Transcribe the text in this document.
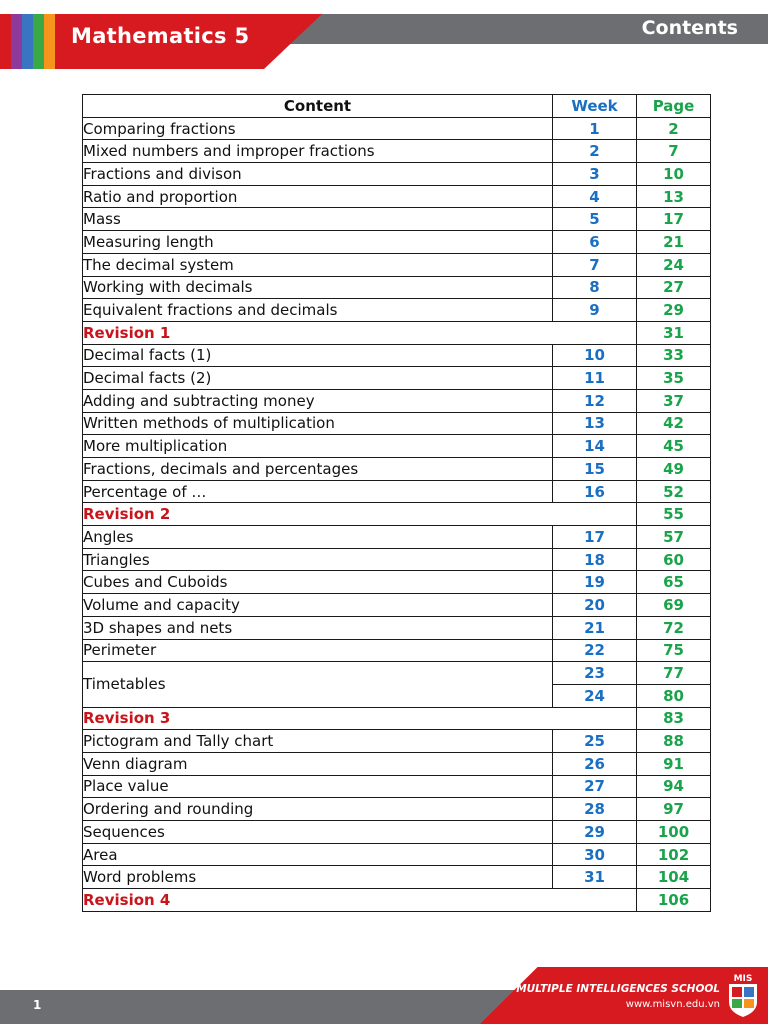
Mathematics 5	Contents
Content	Week	Page
Comparing fractions	1	2
Mixed numbers and improper fractions	2	7
Fractions and divison	3	10
Ratio and proportion	4	13
Mass	5	17
Measuring length	6	21
The decimal system	7	24
Working with decimals	8	27
Equivalent fractions and decimals	9	29
Revision 1		31
Decimal facts (1)	10	33
Decimal facts (2)	11	35
Adding and subtracting money	12	37
Written methods of multiplication	13	42
More multiplication	14	45
Fractions, decimals and percentages	15	49
Percentage of …	16	52
Revision 2		55
Angles	17	57
Triangles	18	60
Cubes and Cuboids	19	65
Volume and capacity	20	69
3D shapes and nets	21	72
Perimeter	22	75
Timetables	23	77
	24	80
Revision 3		83
Pictogram and Tally chart	25	88
Venn diagram	26	91
Place value	27	94
Ordering and rounding	28	97
Sequences	29	100
Area	30	102
Word problems	31	104
Revision 4		106
1
MULTIPLE INTELLIGENCES SCHOOL
www.misvn.edu.vn
MIS
